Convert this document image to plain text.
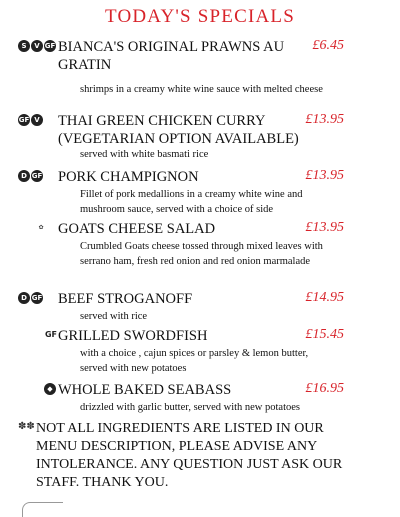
TODAY'S SPECIALS
S	V GF BIANCA'S ORIGINAL PRAWNS AU GRATIN
£6.45
shrimps in a creamy white wine sauce with melted cheese
GF V THAI GREEN CHICKEN CURRY (VEGETARIAN OPTION AVAILABLE)
£13.95
served with white basmati rice
D GF PORK CHAMPIGNON	£13.95
Fillet of pork medallions in a creamy white wine and mushroom sauce, served with a choice of side
✿ GOATS CHEESE SALAD	£13.95
Crumbled Goats cheese tossed through mixed leaves with serrano ham, fresh red onion and red onion marmalade
D GF BEEF STROGANOFF	£14.95
served with rice
GF GRILLED SWORDFISH	£15.45
with a choice , cajun spices or parsley & lemon butter, served with new potatoes
◆ WHOLE BAKED SEABASS	£16.95
drizzled with garlic butter, served with new potatoes
✽✽ NOT ALL INGREDIENTS ARE LISTED IN OUR MENU DESCRIPTION, PLEASE ADVISE ANY INTOLERANCE. ANY QUESTION JUST ASK OUR STAFF. THANK YOU.
